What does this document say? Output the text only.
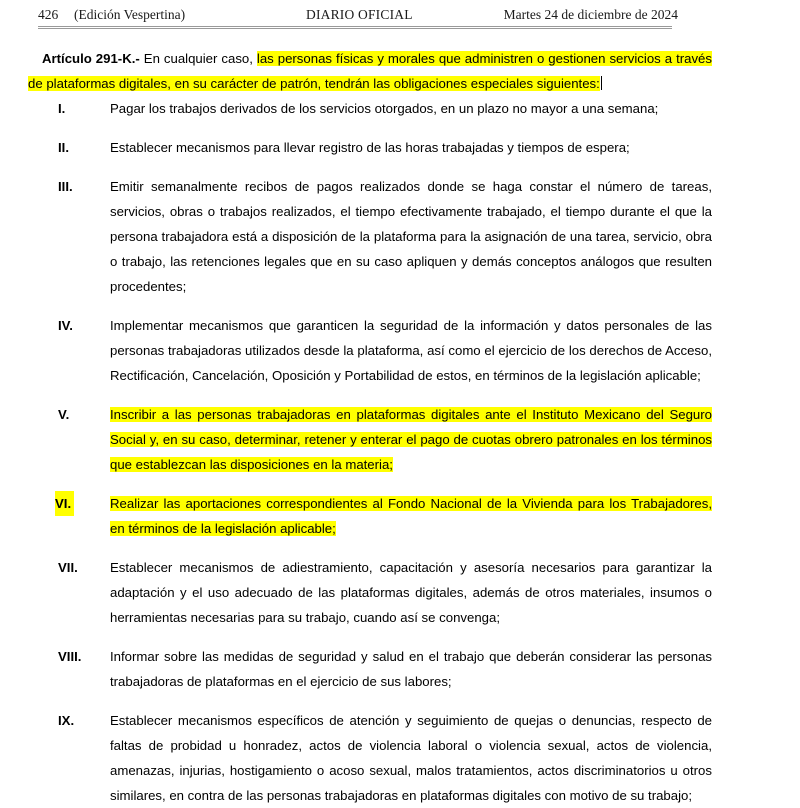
426 (Edición Vespertina)	DIARIO OFICIAL	Martes 24 de diciembre de 2024

Artículo 291-K.- En cualquier caso, las personas físicas y morales que administren o gestionen servicios a través de plataformas digitales, en su carácter de patrón, tendrán las obligaciones especiales siguientes:

I.	Pagar los trabajos derivados de los servicios otorgados, en un plazo no mayor a una semana;
II.	Establecer mecanismos para llevar registro de las horas trabajadas y tiempos de espera;
III.	Emitir semanalmente recibos de pagos realizados donde se haga constar el número de tareas, servicios, obras o trabajos realizados, el tiempo efectivamente trabajado, el tiempo durante el que la persona trabajadora está a disposición de la plataforma para la asignación de una tarea, servicio, obra o trabajo, las retenciones legales que en su caso apliquen y demás conceptos análogos que resulten procedentes;
IV.	Implementar mecanismos que garanticen la seguridad de la información y datos personales de las personas trabajadoras utilizados desde la plataforma, así como el ejercicio de los derechos de Acceso, Rectificación, Cancelación, Oposición y Portabilidad de estos, en términos de la legislación aplicable;
V.	Inscribir a las personas trabajadoras en plataformas digitales ante el Instituto Mexicano del Seguro Social y, en su caso, determinar, retener y enterar el pago de cuotas obrero patronales en los términos que establezcan las disposiciones en la materia;
VI.	Realizar las aportaciones correspondientes al Fondo Nacional de la Vivienda para los Trabajadores, en términos de la legislación aplicable;
VII. Establecer mecanismos de adiestramiento, capacitación y asesoría necesarios para garantizar la adaptación y el uso adecuado de las plataformas digitales, además de otros materiales, insumos o herramientas necesarias para su trabajo, cuando así se convenga;
VIII. Informar sobre las medidas de seguridad y salud en el trabajo que deberán considerar las personas trabajadoras de plataformas en el ejercicio de sus labores;
IX.	Establecer mecanismos específicos de atención y seguimiento de quejas o denuncias, respecto de faltas de probidad u honradez, actos de violencia laboral o violencia sexual, actos de violencia, amenazas, injurias, hostigamiento o acoso sexual, malos tratamientos, actos discriminatorios u otros similares, en contra de las personas trabajadoras en plataformas digitales con motivo de su trabajo;
